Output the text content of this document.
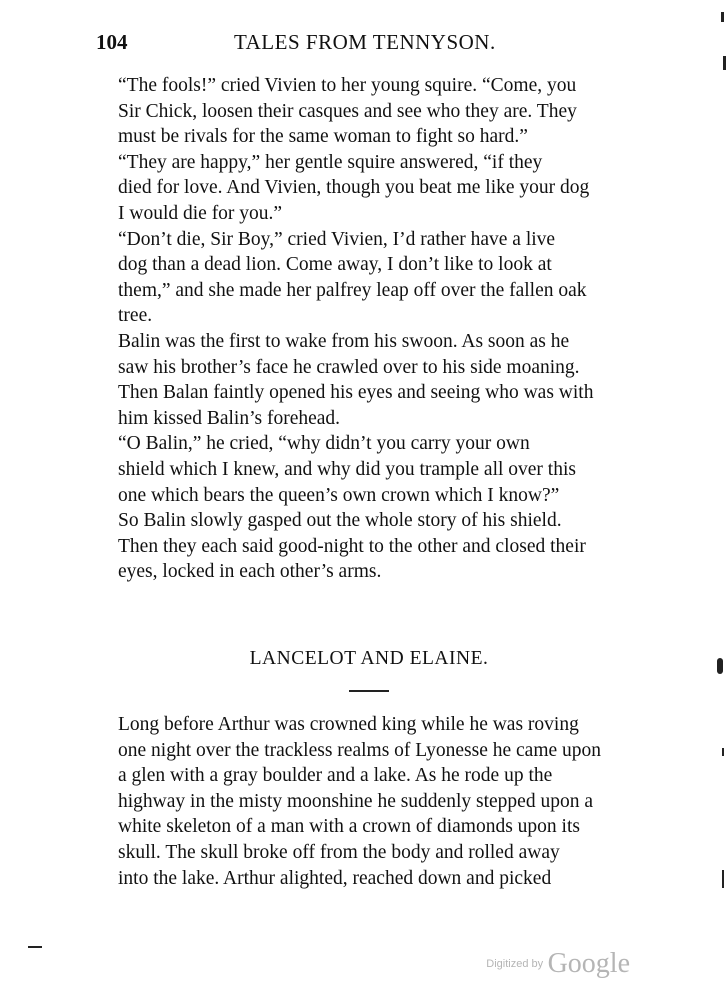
104	TALES FROM TENNYSON.

“The fools!” cried Vivien to her young squire. “Come, you
Sir Chick, loosen their casques and see who they are. They
must be rivals for the same woman to fight so hard.”

“They are happy,” her gentle squire answered, “if they
died for love. And Vivien, though you beat me like your dog
I would die for you.”

“Don’t die, Sir Boy,” cried Vivien, I’d rather have a live
dog than a dead lion. Come away, I don’t like to look at
them,” and she made her palfrey leap off over the fallen oak
tree.

Balin was the first to wake from his swoon. As soon as he
saw his brother’s face he crawled over to his side moaning.
Then Balan faintly opened his eyes and seeing who was with
him kissed Balin’s forehead.

“O Balin,” he cried, “why didn’t you carry your own
shield which I knew, and why did you trample all over this
one which bears the queen’s own crown which I know?”

So Balin slowly gasped out the whole story of his shield.
Then they each said good-night to the other and closed their
eyes, locked in each other’s arms.

LANCELOT AND ELAINE.

Long before Arthur was crowned king while he was roving
one night over the trackless realms of Lyonesse he came upon
a glen with a gray boulder and a lake. As he rode up the
highway in the misty moonshine he suddenly stepped upon a
white skeleton of a man with a crown of diamonds upon its
skull. The skull broke off from the body and rolled away
into the lake. Arthur alighted, reached down and picked

Digitized by Google
